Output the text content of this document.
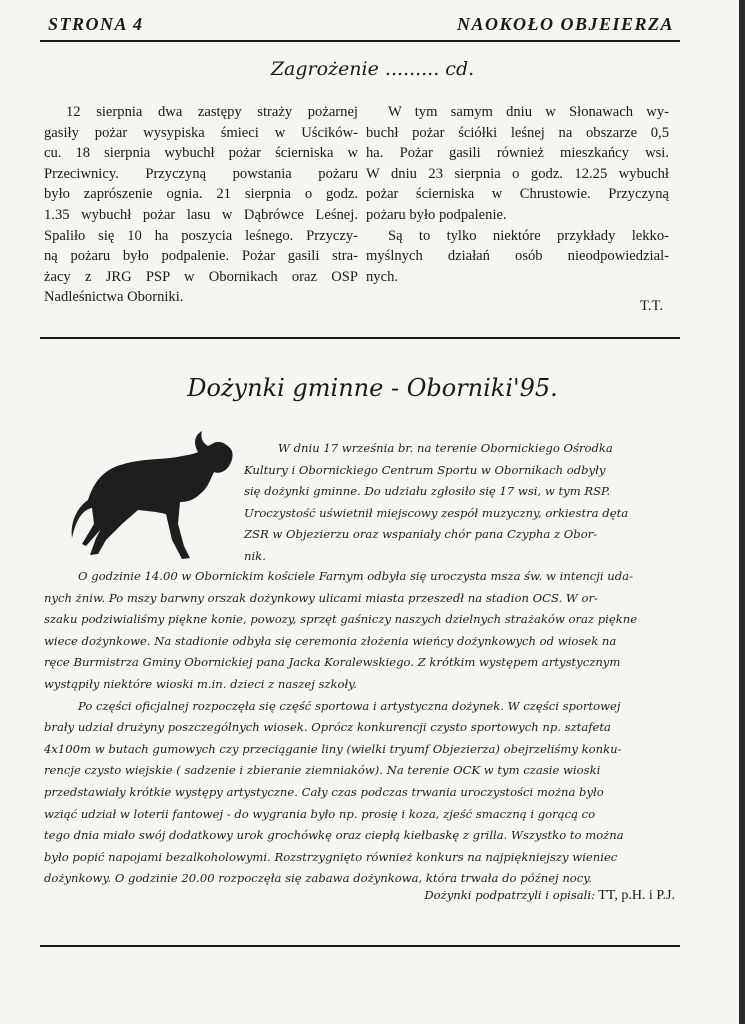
STRONA 4	NAOKOŁO OBJEIERZA
Zagrożenie ......... cd.
12 sierpnia dwa zastępy straży pożarnej
gasiły pożar wysypiska śmieci w Uścików-
cu. 18 sierpnia wybuchł pożar ścierniska w
Przeciwnicy. Przyczyną powstania pożaru
było zaprószenie ognia. 21 sierpnia o godz.
1.35 wybuchł pożar lasu w Dąbrówce Leśnej.
Spaliło się 10 ha poszycia leśnego. Przyczy-
ną pożaru było podpalenie. Pożar gasili stra-
żacy z JRG PSP w Obornikach oraz OSP
Nadleśnictwa Oborniki.
W tym samym dniu w Słonawach wy-
buchł pożar ściółki leśnej na obszarze 0,5
ha. Pożar gasili również mieszkańcy wsi.
W dniu 23 sierpnia o godz. 12.25 wybuchł
pożar ścierniska w Chrustowie. Przyczyną
pożaru było podpalenie.
Są to tylko niektóre przykłady lekko-
myślnych działań osób nieodpowiedzial-
nych.
T.T.
Dożynki gminne - Oborniki'95.
W dniu 17 września br. na terenie Obornickiego Ośrodka
Kultury i Obornickiego Centrum Sportu w Obornikach odbyły
się dożynki gminne. Do udziału zgłosiło się 17 wsi, w tym RSP.
Uroczystość uświetnił miejscowy zespół muzyczny, orkiestra dęta
ZSR w Objezierzu oraz wspaniały chór pana Czypha z Obor-
nik.
O godzinie 14.00 w Obornickim kościele Farnym odbyła się uroczysta msza św. w intencji uda-
nych żniw. Po mszy barwny orszak dożynkowy ulicami miasta przeszedł na stadion OCS. W or-
szaku podziwialiśmy piękne konie, powozy, sprzęt gaśniczy naszych dzielnych strażaków oraz piękne
wiece dożynkowe. Na stadionie odbyła się ceremonia złożenia wieńcy dożynkowych od wiosek na
ręce Burmistrza Gminy Obornickiej pana Jacka Koralewskiego. Z krótkim występem artystycznym
wystąpiły niektóre wioski m.in. dzieci z naszej szkoły.
Po części oficjalnej rozpoczęła się część sportowa i artystyczna dożynek. W części sportowej
brały udział drużyny poszczególnych wiosek. Oprócz konkurencji czysto sportowych np. sztafeta
4x100m w butach gumowych czy przeciąganie liny (wielki tryumf Objezierza) obejrzeliśmy konku-
rencje czysto wiejskie ( sadzenie i zbieranie ziemniaków). Na terenie OCK w tym czasie wioski
przedstawiały krótkie występy artystyczne. Cały czas podczas trwania uroczystości można było
wziąć udział w loterii fantowej - do wygrania było np. prosię i koza, zjeść smaczną i gorącą co
tego dnia miało swój dodatkowy urok grochówkę oraz ciepłą kiełbaskę z grilla. Wszystko to można
było popić napojami bezalkoholowymi. Rozstrzygnięto również konkurs na najpiękniejszy wieniec
dożynkowy. O godzinie 20.00 rozpoczęła się zabawa dożynkowa, która trwała do późnej nocy.
Dożynki podpatrzyli i opisali: TT, p.H. i P.J.
